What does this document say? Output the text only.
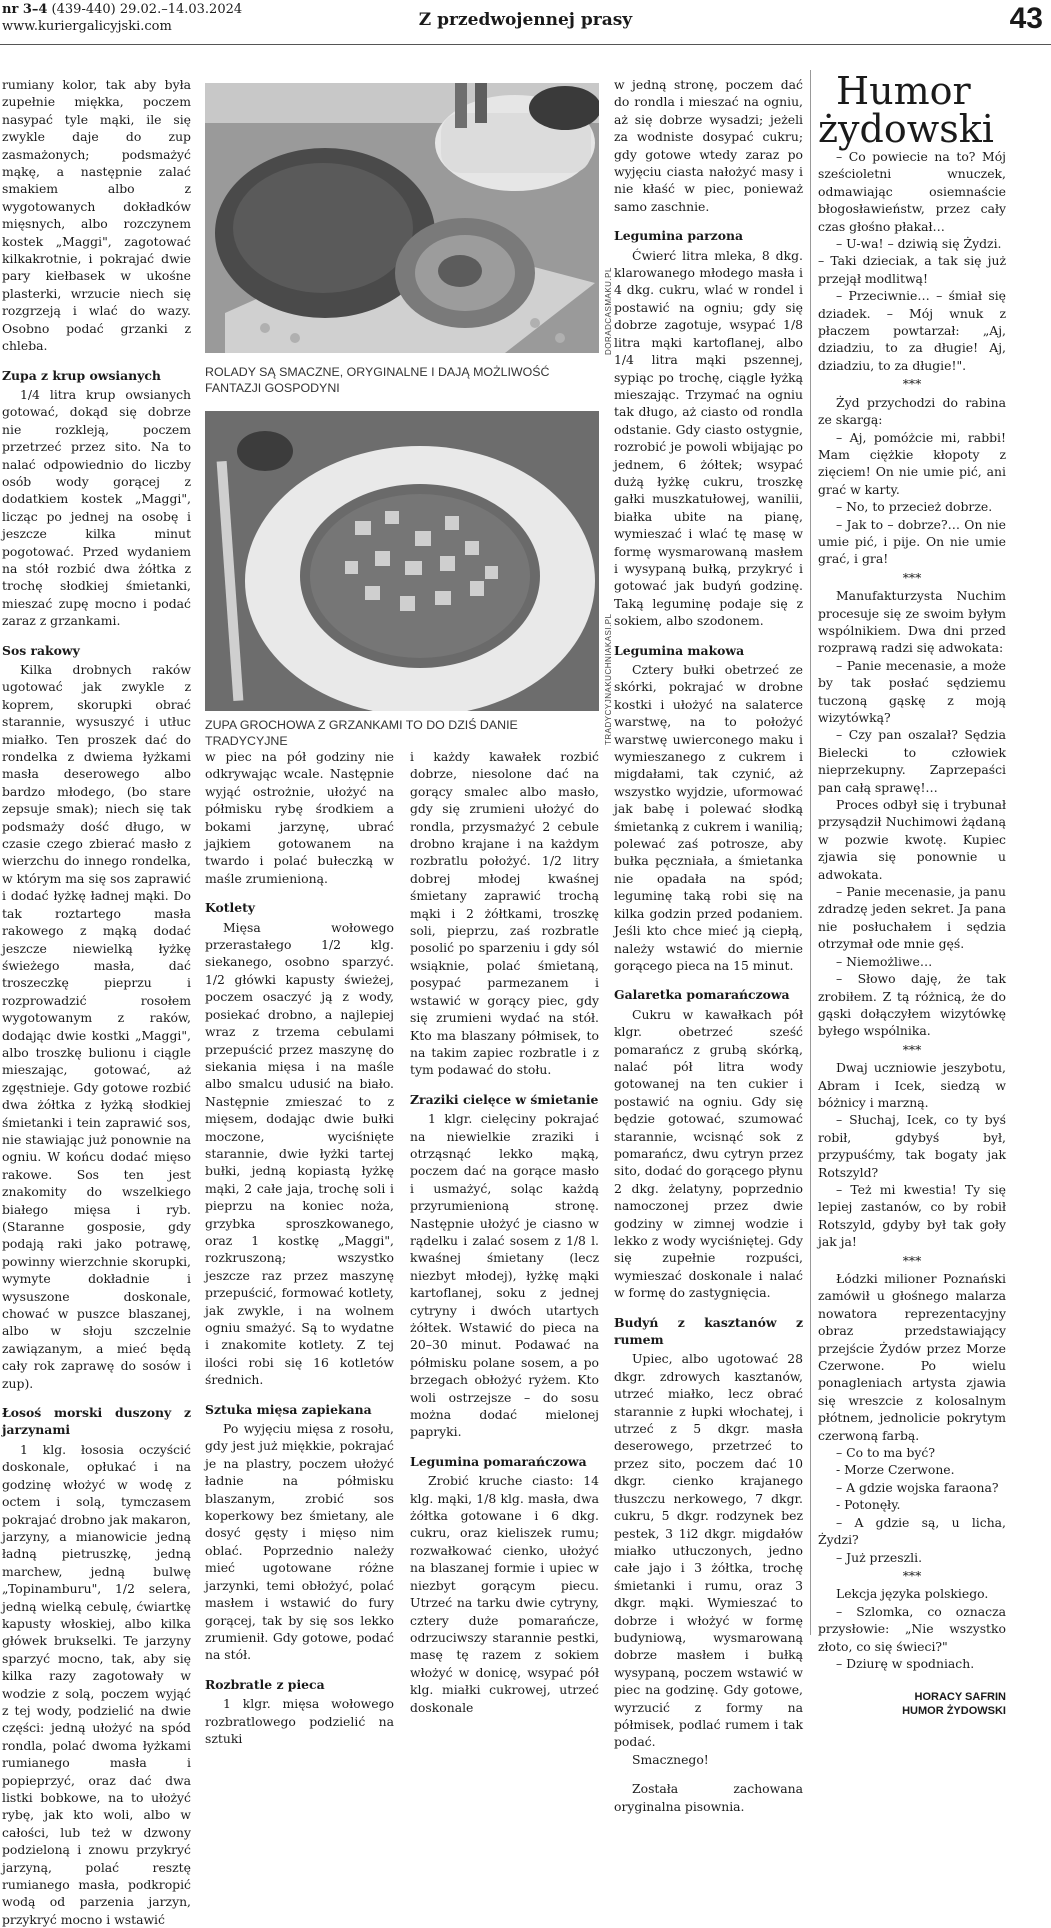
nr 3–4 (439-440) 29.02.–14.03.2024
www.kuriergalicyjski.com	Z przedwojennej prasy	43

rumiany kolor, tak aby była zupełnie miękka, poczem nasypać tyle mąki, ile się zwykle daje do zup zasmażonych; podsmażyć mąkę, a następnie zalać smakiem albo z wygotowanych dokładków mięsnych, albo rozczynem kostek „Maggi", zagotować kilkakrotnie, i pokrajać dwie pary kiełbasek w ukośne plasterki, wrzucie niech się rozgrzeją i wlać do wazy. Osobno podać grzanki z chleba.

Zupa z krup owsianych

1/4 litra krup owsianych gotować, dokąd się dobrze nie rozkleją, poczem przetrzeć przez sito. Na to nalać odpowiednio do liczby osób wody gorącej z dodatkiem kostek „Maggi", licząc po jednej na osobę i jeszcze kilka minut pogotować. Przed wydaniem na stół rozbić dwa żółtka z trochę słodkiej śmietanki, mieszać zupę mocno i podać zaraz z grzankami.

Sos rakowy

Kilka drobnych raków ugotować jak zwykle z koprem, skorupki obrać starannie, wysuszyć i utłuc miałko. Ten proszek dać do rondelka z dwiema łyżkami masła deserowego albo bardzo młodego, (bo stare zepsuje smak); niech się tak podsmaży dość długo, w czasie czego zbierać masło z wierzchu do innego rondelka, w którym ma się sos zaprawić i dodać łyżkę ładnej mąki. Do tak roztartego masła rakowego z mąką dodać jeszcze niewielką łyżkę świeżego masła, dać troszeczkę pieprzu i rozprowadzić rosołem wygotowanym z raków, dodając dwie kostki „Maggi", albo troszkę bulionu i ciągle mieszając, gotować, aż zgęstnieje. Gdy gotowe rozbić dwa żółtka z łyżką słodkiej śmietanki i tein zaprawić sos, nie stawiając już ponownie na ogniu. W końcu dodać mięso rakowe. Sos ten jest znakomity do wszelkiego białego mięsa i ryb. (Staranne gosposie, gdy podają raki jako potrawę, powinny wierzchnie skorupki, wymyte dokładnie i wysuszone doskonale, chować w puszce blaszanej, albo w słoju szczelnie zawiązanym, a mieć będą cały rok zaprawę do sosów i zup).

Łosoś morski duszony z jarzynami

1 klg. łososia oczyścić doskonale, opłukać i na godzinę włożyć w wodę z octem i solą, tymczasem pokrajać drobno jak makaron, jarzyny, a mianowicie jedną ładną pietruszkę, jedną marchew, jedną bulwę „Topinamburu", 1/2 selera, jedną wielką cebulę, ćwiartkę kapusty włoskiej, albo kilka główek brukselki. Te jarzyny sparzyć mocno, tak, aby się kilka razy zagotowały w wodzie z solą, poczem wyjąć z tej wody, podzielić na dwie części: jedną ułożyć na spód rondla, polać dwoma łyżkami rumianego masła i popieprzyć, oraz dać dwa listki bobkowe, na to ułożyć rybę, jak kto woli, albo w całości, lub też w dzwony podzieloną i znowu przykryć jarzyną, polać resztę rumianego masła, podkropić wodą od parzenia jarzyn, przykryć mocno i wstawić

DORADCASMAKU.PL
ROLADY SĄ SMACZNE, ORYGINALNE I DAJĄ MOŻLIWOŚĆ FANTAZJI GOSPODYNI
TRADYCYJNAKUCHNIAKASI.PL
ZUPA GROCHOWA Z GRZANKAMI TO DO DZIŚ DANIE TRADYCYJNE

w piec na pół godziny nie odkrywając wcale. Następnie wyjąć ostrożnie, ułożyć na półmisku rybę środkiem a bokami jarzynę, ubrać jajkiem gotowanem na twardo i polać bułeczką w maśle zrumienioną.

Kotlety

Mięsa wołowego przerastałego 1/2 klg. siekanego, osobno sparzyć. 1/2 główki kapusty świeżej, poczem osaczyć ją z wody, posiekać drobno, a najlepiej wraz z trzema cebulami przepuścić przez maszynę do siekania mięsa i na maśle albo smalcu udusić na biało. Następnie zmieszać to z mięsem, dodając dwie bułki moczone, wyciśnięte starannie, dwie łyżki tartej bułki, jedną kopiastą łyżkę mąki, 2 całe jaja, trochę soli i pieprzu na koniec noża, grzybka sproszkowanego, oraz 1 kostkę „Maggi", rozkruszoną; wszystko jeszcze raz przez maszynę przepuścić, formować kotlety, jak zwykle, i na wolnem ogniu smażyć. Są to wydatne i znakomite kotlety. Z tej ilości robi się 16 kotletów średnich.

Sztuka mięsa zapiekana

Po wyjęciu mięsa z rosołu, gdy jest już miękkie, pokrajać je na plastry, poczem ułożyć ładnie na półmisku blaszanym, zrobić sos koperkowy bez śmietany, ale dosyć gęsty i mięso nim oblać. Poprzednio należy mieć ugotowane różne jarzynki, temi obłożyć, polać masłem i wstawić do fury gorącej, tak by się sos lekko zrumienił. Gdy gotowe, podać na stół.

Rozbratle z pieca

1 klgr. mięsa wołowego rozbratlowego podzielić na sztuki

i każdy kawałek rozbić dobrze, niesolone dać na gorący smalec albo masło, gdy się zrumieni ułożyć do rondla, przysmażyć 2 cebule drobno krajane i na każdym rozbratlu położyć. 1/2 litry dobrej młodej kwaśnej śmietany zaprawić trochą mąki i 2 żółtkami, troszkę soli, pieprzu, zaś rozbratle posolić po sparzeniu i gdy sól wsiąknie, polać śmietaną, posypać parmezanem i wstawić w gorący piec, gdy się zrumieni wydać na stół. Kto ma blaszany półmisek, to na takim zapiec rozbratle i z tym podawać do stołu.

Zraziki cielęce w śmietanie

1 klgr. cielęciny pokrajać na niewielkie zraziki i otrząsnąć lekko mąką, poczem dać na gorące masło i usmażyć, soląc każdą przyrumienioną stronę. Następnie ułożyć je ciasno w rądelku i zalać sosem z 1/8 l. kwaśnej śmietany (lecz niezbyt młodej), łyżkę mąki kartoflanej, soku z jednej cytryny i dwóch utartych żółtek. Wstawić do pieca na 20–30 minut. Podawać na półmisku polane sosem, a po brzegach obłożyć ryżem. Kto woli ostrzejsze – do sosu można dodać mielonej papryki.

Legumina pomarańczowa

Zrobić kruche ciasto: 14 klg. mąki, 1/8 klg. masła, dwa żółtka gotowane i 6 dkg. cukru, oraz kieliszek rumu; rozwałkować cienko, ułożyć na blaszanej formie i upiec w niezbyt gorącym piecu. Utrzeć na tarku dwie cytryny, cztery duże pomarańcze, odrzuciwszy starannie pestki, masę tę razem z sokiem włożyć w donicę, wsypać pół klg. miałki cukrowej, utrzeć doskonale

w jedną stronę, poczem dać do rondla i mieszać na ogniu, aż się dobrze wysadzi; jeżeli za wodniste dosypać cukru; gdy gotowe wtedy zaraz po wyjęciu ciasta nałożyć masy i nie kłaść w piec, ponieważ samo zaschnie.

Legumina parzona

Ćwierć litra mleka, 8 dkg. klarowanego młodego masła i 4 dkg. cukru, wlać w rondel i postawić na ogniu; gdy się dobrze zagotuje, wsypać 1/8 litra mąki kartoflanej, albo 1/4 litra mąki pszennej, sypiąc po trochę, ciągle łyżką mieszając. Trzymać na ogniu tak długo, aż ciasto od rondla odstanie. Gdy ciasto ostygnie, rozrobić je powoli wbijając po jednem, 6 żółtek; wsypać dużą łyżkę cukru, troszkę gałki muszkatułowej, wanilii, białka ubite na pianę, wymieszać i wlać tę masę w formę wysmarowaną masłem i wysypaną bułką, przykryć i gotować jak budyń godzinę. Taką leguminę podaje się z sokiem, albo szodonem.

Legumina makowa

Cztery bułki obetrzeć ze skórki, pokrajać w drobne kostki i ułożyć na salaterce warstwę, na to położyć warstwę uwierconego maku i wymieszanego z cukrem i migdałami, tak czynić, aż wszystko wyjdzie, uformować jak babę i polewać słodką śmietanką z cukrem i wanilią; polewać zaś potrosze, aby bułka pęczniała, a śmietanka nie opadała na spód; leguminę taką robi się na kilka godzin przed podaniem. Jeśli kto chce mieć ją ciepłą, należy wstawić do miernie gorącego pieca na 15 minut.

Galaretka pomarańczowa

Cukru w kawałkach pół klgr. obetrzeć sześć pomarańcz z grubą skórką, nalać pół litra wody gotowanej na ten cukier i postawić na ogniu. Gdy się będzie gotować, szumować starannie, wcisnąć sok z pomarańcz, dwu cytryn przez sito, dodać do gorącego płynu 2 dkg. żelatyny, poprzednio namoczonej przez dwie godziny w zimnej wodzie i lekko z wody wyciśniętej. Gdy się zupełnie rozpuści, wymieszać doskonale i nalać w formę do zastygnięcia.

Budyń z kasztanów z rumem

Upiec, albo ugotować 28 dkgr. zdrowych kasztanów, utrzeć miałko, lecz obrać starannie z łupki włochatej, i utrzeć z 5 dkgr. masła deserowego, przetrzeć to przez sito, poczem dać 10 dkgr. cienko krajanego tłuszczu nerkowego, 7 dkgr. cukru, 5 dkgr. rodzynek bez pestek, 3 1i2 dkgr. migdałów miałko utłuczonych, jedno całe jajo i 3 żółtka, trochę śmietanki i rumu, oraz 3 dkgr. mąki. Wymieszać to dobrze i włożyć w formę budyniową, wysmarowaną dobrze masłem i bułką wysypaną, poczem wstawić w piec na godzinę. Gdy gotowe, wyrzucić z formy na półmisek, podlać rumem i tak podać.

Smacznego!

Została zachowana oryginalna pisownia.

Humor żydowski

– Co powiecie na to? Mój sześcioletni wnuczek, odmawiając osiemnaście błogosławieństw, przez cały czas głośno płakał…

– U-wa! – dziwią się Żydzi.

– Taki dzieciak, a tak się już przejął modlitwą!

– Przeciwnie… – śmiał się dziadek. – Mój wnuk z płaczem powtarzał: „Aj, dziadziu, to za długie! Aj, dziadziu, to za długie!".

***

Żyd przychodzi do rabina ze skargą:

– Aj, pomóżcie mi, rabbi! Mam ciężkie kłopoty z zięciem! On nie umie pić, ani grać w karty.

– No, to przecież dobrze.

– Jak to – dobrze?… On nie umie pić, i pije. On nie umie grać, i gra!

***

Manufakturzysta Nuchim procesuje się ze swoim byłym wspólnikiem. Dwa dni przed rozprawą radzi się adwokata:

– Panie mecenasie, a może by tak posłać sędziemu tuczoną gąskę z moją wizytówką?

– Czy pan oszalał? Sędzia Bielecki to człowiek nieprzekupny. Zaprzepaści pan całą sprawę!…

Proces odbył się i trybunał przysądził Nuchimowi żądaną w pozwie kwotę. Kupiec zjawia się ponownie u adwokata.

– Panie mecenasie, ja panu zdradzę jeden sekret. Ja pana nie posłuchałem i sędzia otrzymał ode mnie gęś.

– Niemożliwe…

– Słowo daję, że tak zrobiłem. Z tą różnicą, że do gąski dołączyłem wizytówkę byłego wspólnika.

***

Dwaj uczniowie jeszybotu, Abram i Icek, siedzą w bóżnicy i marzną.

– Słuchaj, Icek, co ty byś robił, gdybyś był, przypuśćmy, tak bogaty jak Rotszyld?

– Też mi kwestia! Ty się lepiej zastanów, co by robił Rotszyld, gdyby był tak goły jak ja!

***

Łódzki milioner Poznański zamówił u głośnego malarza nowatora reprezentacyjny obraz przedstawiający przejście Żydów przez Morze Czerwone. Po wielu ponagleniach artysta zjawia się wreszcie z kolosalnym płótnem, jednolicie pokrytym czerwoną farbą.

– Co to ma być?

- Morze Czerwone.

– A gdzie wojska faraona?

- Potonęły.

– A gdzie są, u licha, Żydzi?

– Już przeszli.

***

Lekcja języka polskiego.

– Szlomka, co oznacza przysłowie: „Nie wszystko złoto, co się świeci?"

– Dziurę w spodniach.

HORACY SAFRIN

HUMOR ŻYDOWSKI
